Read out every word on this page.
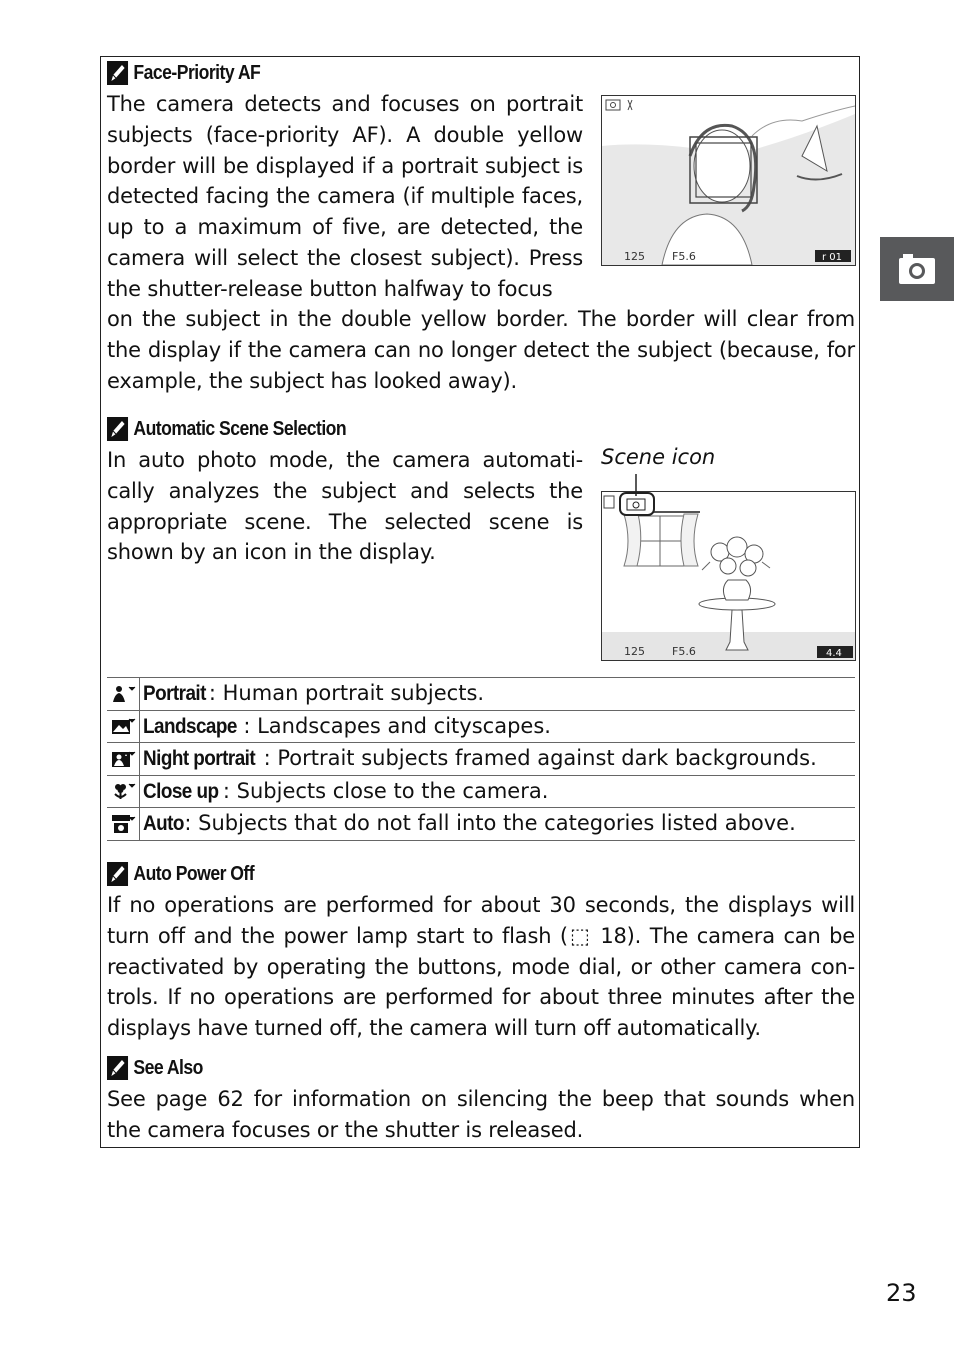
Face-Priority AF

The camera detects and focuses on portrait subjects (face-priority AF). A double yellow border will be displayed if a portrait subject is detected facing the camera (if multiple faces, up to a maximum of five, are detected, the camera will select the closest subject). Press the shutter-release button halfway to focus

on the subject in the double yellow border. The border will clear from the display if the camera can no longer detect the subject (because, for example, the subject has looked away).

125 F5.6	r 01
Automatic Scene Selection

In auto photo mode, the camera automati-cally analyzes the subject and selects the appropriate scene. The selected scene is shown by an icon in the display.

Scene icon
125 F5.6	4.4
Portrait : Human portrait subjects.
Landscape : Landscapes and cityscapes.
Night portrait : Portrait subjects framed against dark backgrounds.
Close up : Subjects close to the camera.
Auto: Subjects that do not fall into the categories listed above.
Auto Power Off

If no operations are performed for about 30 seconds, the displays will turn off and the power lamp start to flash (⬚ 18). The camera can be reactivated by operating the buttons, mode dial, or other camera con-trols. If no operations are performed for about three minutes after the displays have turned off, the camera will turn off automatically.

See Also

See page 62 for information on silencing the beep that sounds when the camera focuses or the shutter is released.

23
